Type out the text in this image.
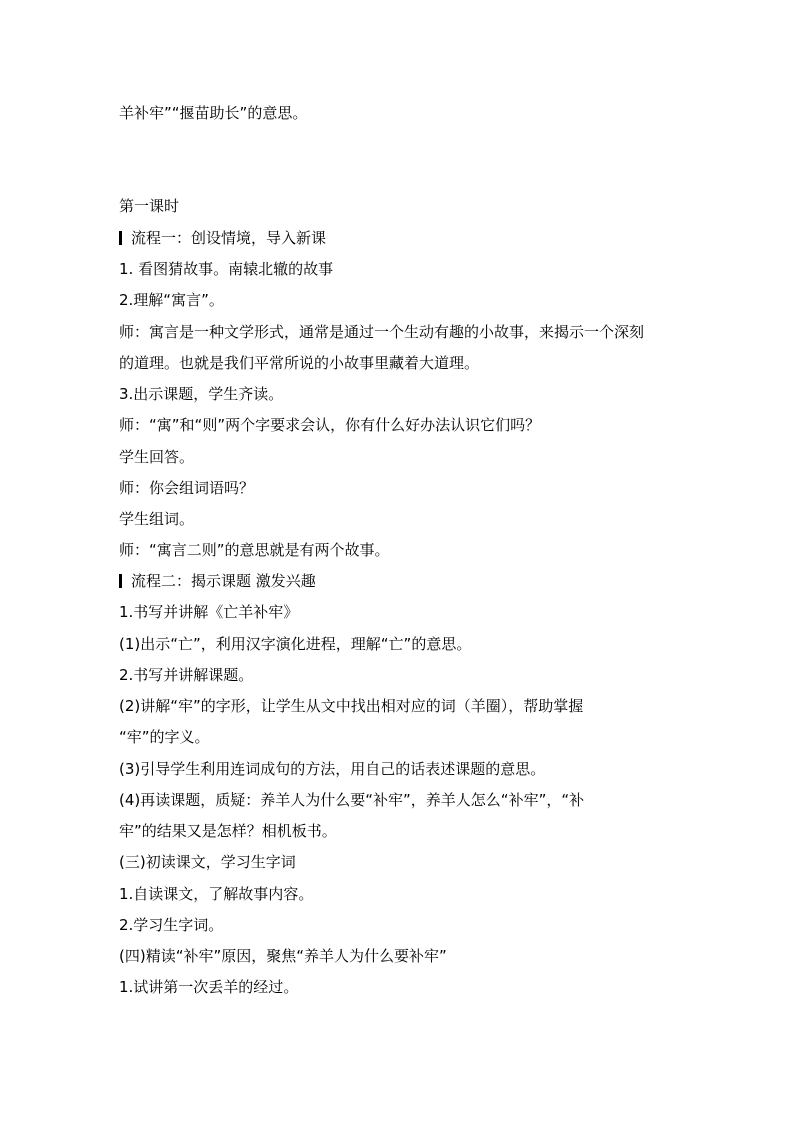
羊补牢”“揠苗助长”的意思。
第一课时
流程一：创设情境，导入新课
1. 看图猜故事。南辕北辙的故事
2.理解“寓言”。
师：寓言是一种文学形式，通常是通过一个生动有趣的小故事，来揭示一个深刻
的道理。也就是我们平常所说的小故事里藏着大道理。
3.出示课题，学生齐读。
师：“寓”和“则”两个字要求会认，你有什么好办法认识它们吗？
学生回答。
师：你会组词语吗？
学生组词。
师：“寓言二则”的意思就是有两个故事。
流程二：揭示课题 激发兴趣
1.书写并讲解《亡羊补牢》
(1)出示“亡”，利用汉字演化进程，理解“亡”的意思。
2.书写并讲解课题。
(2)讲解“牢”的字形，让学生从文中找出相对应的词（羊圈），帮助掌握
“牢”的字义。
(3)引导学生利用连词成句的方法，用自己的话表述课题的意思。
(4)再读课题，质疑：养羊人为什么要“补牢”，养羊人怎么“补牢”，“补
牢”的结果又是怎样？相机板书。
(三)初读课文，学习生字词
1.自读课文，了解故事内容。
2.学习生字词。
(四)精读“补牢”原因，聚焦“养羊人为什么要补牢”
1.试讲第一次丢羊的经过。
